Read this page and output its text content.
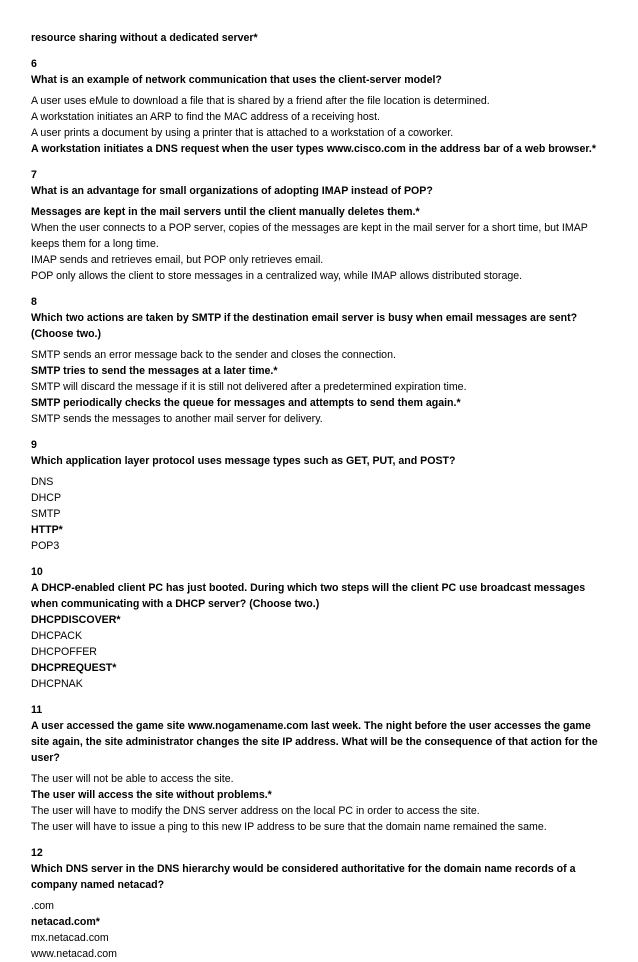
resource sharing without a dedicated server*

6

What is an example of network communication that uses the client-server model?

A user uses eMule to download a file that is shared by a friend after the file location is determined.

A workstation initiates an ARP to find the MAC address of a receiving host.

A user prints a document by using a printer that is attached to a workstation of a coworker.

A workstation initiates a DNS request when the user types www.cisco.com in the address bar of a web browser.*

7

What is an advantage for small organizations of adopting IMAP instead of POP?

Messages are kept in the mail servers until the client manually deletes them.*

When the user connects to a POP server, copies of the messages are kept in the mail server for a short time, but IMAP keeps them for a long time.

IMAP sends and retrieves email, but POP only retrieves email.

POP only allows the client to store messages in a centralized way, while IMAP allows distributed storage.

8

Which two actions are taken by SMTP if the destination email server is busy when email messages are sent? (Choose two.)

SMTP sends an error message back to the sender and closes the connection.

SMTP tries to send the messages at a later time.*

SMTP will discard the message if it is still not delivered after a predetermined expiration time.

SMTP periodically checks the queue for messages and attempts to send them again.*

SMTP sends the messages to another mail server for delivery.

9

Which application layer protocol uses message types such as GET, PUT, and POST?

DNS

DHCP

SMTP

HTTP*

POP3

10

A DHCP-enabled client PC has just booted. During which two steps will the client PC use broadcast messages when communicating with a DHCP server? (Choose two.)

DHCPDISCOVER*

DHCPACK

DHCPOFFER

DHCPREQUEST*

DHCPNAK

11

A user accessed the game site www.nogamename.com last week. The night before the user accesses the game site again, the site administrator changes the site IP address. What will be the consequence of that action for the user?

The user will not be able to access the site.

The user will access the site without problems.*

The user will have to modify the DNS server address on the local PC in order to access the site.

The user will have to issue a ping to this new IP address to be sure that the domain name remained the same.

12

Which DNS server in the DNS hierarchy would be considered authoritative for the domain name records of a company named netacad?

.com

netacad.com*

mx.netacad.com

www.netacad.com
